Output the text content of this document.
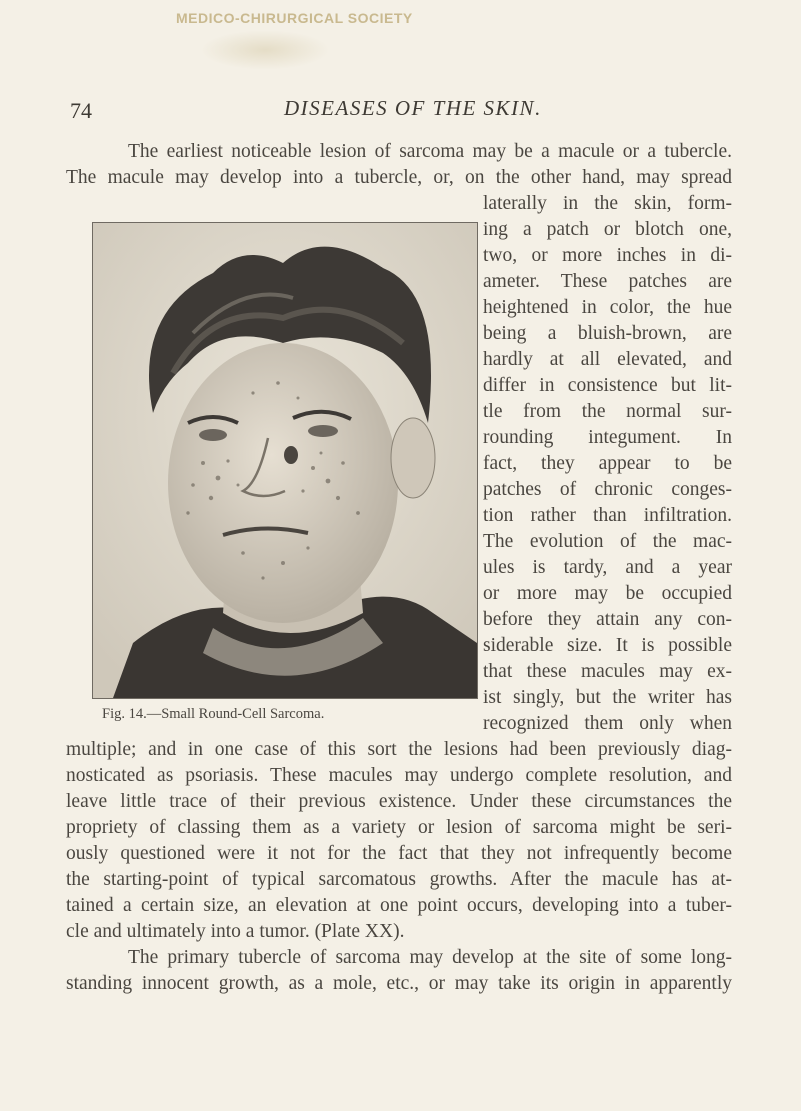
MEDICO-CHIRURGICAL SOCIETY
74	DISEASES OF THE SKIN.

The earliest noticeable lesion of sarcoma may be a macule or a tubercle.

The macule may develop into a tubercle, or, on the other hand, may spread

laterally in the skin, form-

ing a patch or blotch one,

two, or more inches in di-

ameter. These patches are

heightened in color, the hue

being a bluish-brown, are

hardly at all elevated, and

differ in consistence but lit-

tle from the normal sur-

rounding integument. In

fact, they appear to be

patches of chronic conges-

tion rather than infiltration.

The evolution of the mac-

ules is tardy, and a year

or more may be occupied

before they attain any con-

siderable size. It is possible

that these macules may ex-

ist singly, but the writer has

recognized them only when

multiple; and in one case of this sort the lesions had been previously diag-

nosticated as psoriasis. These macules may undergo complete resolution, and

leave little trace of their previous existence. Under these circumstances the

propriety of classing them as a variety or lesion of sarcoma might be seri-

ously questioned were it not for the fact that they not infrequently become

the starting-point of typical sarcomatous growths. After the macule has at-

tained a certain size, an elevation at one point occurs, developing into a tuber-

cle and ultimately into a tumor. (Plate XX).

The primary tubercle of sarcoma may develop at the site of some long-

standing innocent growth, as a mole, etc., or may take its origin in apparently

Fig. 14.—Small Round-Cell Sarcoma.
